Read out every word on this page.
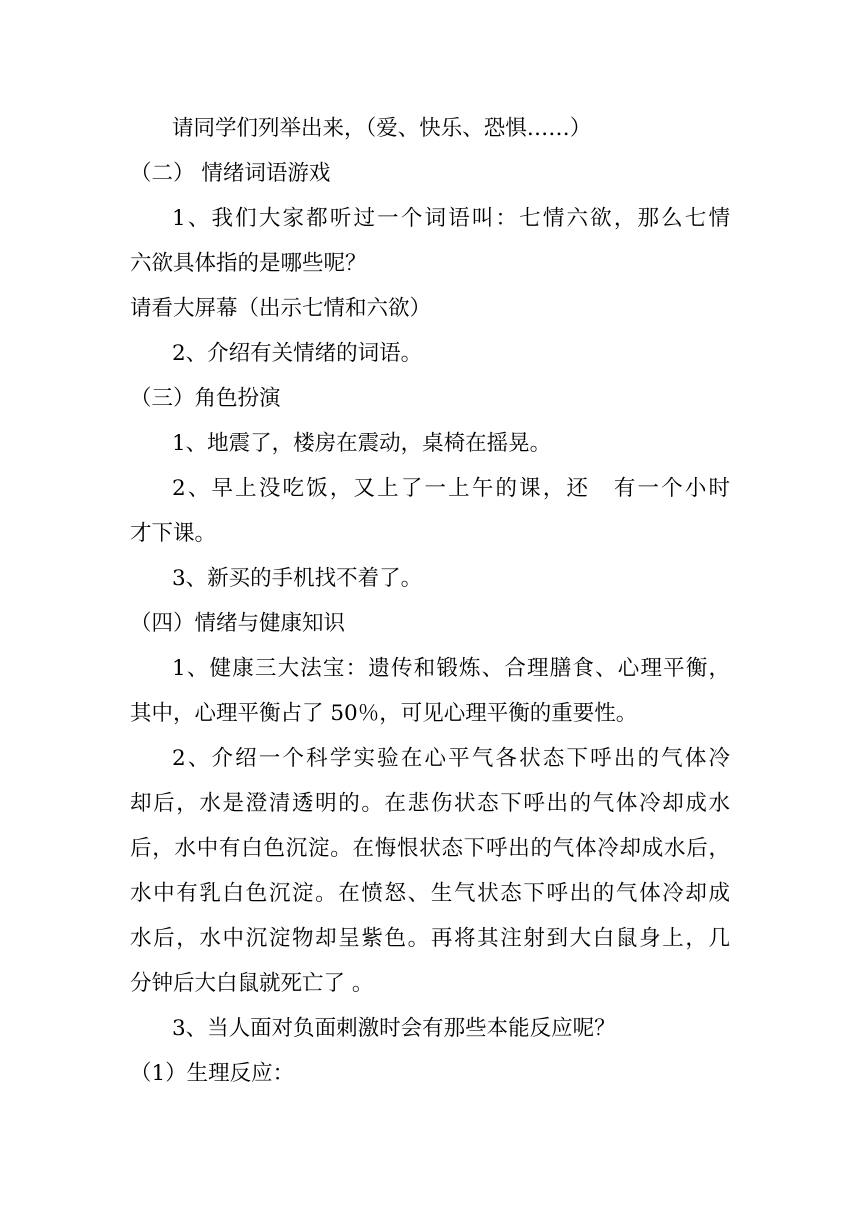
请同学们列举出来，（爱、快乐、恐惧……）

（二） 情绪词语游戏

1、我们大家都听过一个词语叫：七情六欲，那么七情

六欲具体指的是哪些呢？

请看大屏幕（出示七情和六欲）

2、介绍有关情绪的词语。

（三）角色扮演

1、地震了，楼房在震动，桌椅在摇晃。

2、早上没吃饭，又上了一上午的课，还　有一个小时

才下课。

3、新买的手机找不着了。

（四）情绪与健康知识

1、健康三大法宝：遗传和锻炼、合理膳食、心理平衡，

其中，心理平衡占了 50％，可见心理平衡的重要性。

2、介绍一个科学实验在心平气各状态下呼出的气体冷

却后，水是澄清透明的。在悲伤状态下呼出的气体冷却成水

后，水中有白色沉淀。在悔恨状态下呼出的气体冷却成水后，

水中有乳白色沉淀。在愤怒、生气状态下呼出的气体冷却成

水后，水中沉淀物却呈紫色。再将其注射到大白鼠身上，几

分钟后大白鼠就死亡了 。

3、当人面对负面刺激时会有那些本能反应呢？

（1）生理反应：
